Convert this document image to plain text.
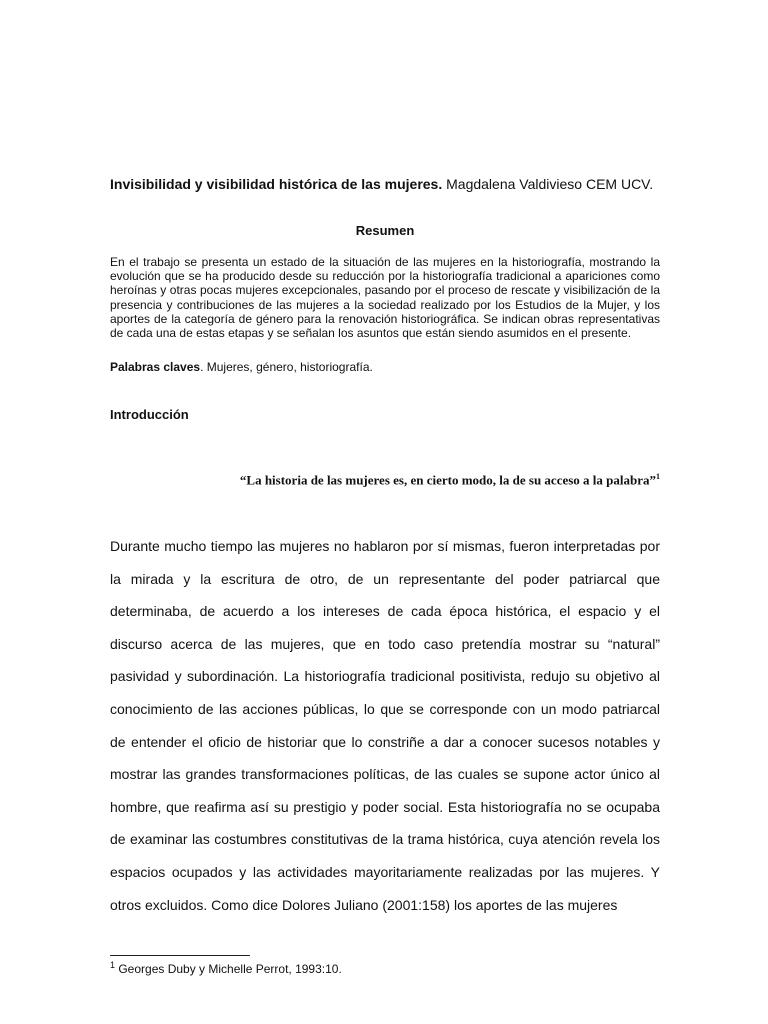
Invisibilidad y visibilidad histórica de las mujeres. Magdalena Valdivieso CEM UCV.
Resumen
En el trabajo se presenta un estado de la situación de las mujeres en la historiografía, mostrando la evolución que se ha producido desde su reducción por la historiografía tradicional a apariciones como heroínas y otras pocas mujeres excepcionales, pasando por el proceso de rescate y visibilización de la presencia y contribuciones de las mujeres a la sociedad realizado por los Estudios de la Mujer, y los aportes de la categoría de género para la renovación historiográfica. Se indican obras representativas de cada una de estas etapas y se señalan los asuntos que están siendo asumidos en el presente.
Palabras claves. Mujeres, género, historiografía.
Introducción
“La historia de las mujeres es, en cierto modo, la de su acceso a la palabra”$^1$
Durante mucho tiempo las mujeres no hablaron por sí mismas, fueron interpretadas por la mirada y la escritura de otro, de un representante del poder patriarcal que determinaba, de acuerdo a los intereses de cada época histórica, el espacio y el discurso acerca de las mujeres, que en todo caso pretendía mostrar su “natural” pasividad y subordinación. La historiografía tradicional positivista, redujo su objetivo al conocimiento de las acciones públicas, lo que se corresponde con un modo patriarcal de entender el oficio de historiar que lo constriñe a dar a conocer sucesos notables y mostrar las grandes transformaciones políticas, de las cuales se supone actor único al hombre, que reafirma así su prestigio y poder social. Esta historiografía no se ocupaba de examinar las costumbres constitutivas de la trama histórica, cuya atención revela los espacios ocupados y las actividades mayoritariamente realizadas por las mujeres. Y otros excluidos. Como dice Dolores Juliano (2001:158) los aportes de las mujeres
$^1$ Georges Duby y Michelle Perrot, 1993:10.
